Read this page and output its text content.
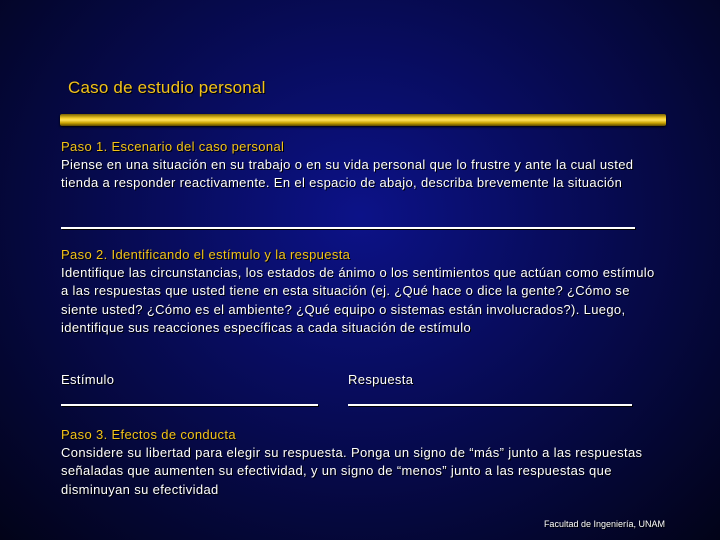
Caso de estudio personal
Paso 1. Escenario del caso personal
Piense en una situación en su trabajo o en su vida personal que lo frustre y ante la cual usted tienda a responder reactivamente. En el espacio de abajo, describa brevemente la situación
Paso 2. Identificando el estímulo y la respuesta
Identifique las circunstancias, los estados de ánimo o los sentimientos que actúan como estímulo a las respuestas que usted tiene en esta situación (ej. ¿Qué hace o dice la gente? ¿Cómo se siente usted? ¿Cómo es el ambiente? ¿Qué equipo o sistemas están involucrados?). Luego, identifique sus reacciones específicas a cada situación de estímulo
Estímulo	Respuesta
Paso 3. Efectos de conducta
Considere su libertad para elegir su respuesta. Ponga un signo de “más” junto a las respuestas señaladas que aumenten su efectividad, y un signo de “menos” junto a las respuestas que disminuyan su efectividad
Facultad de Ingeniería, UNAM
